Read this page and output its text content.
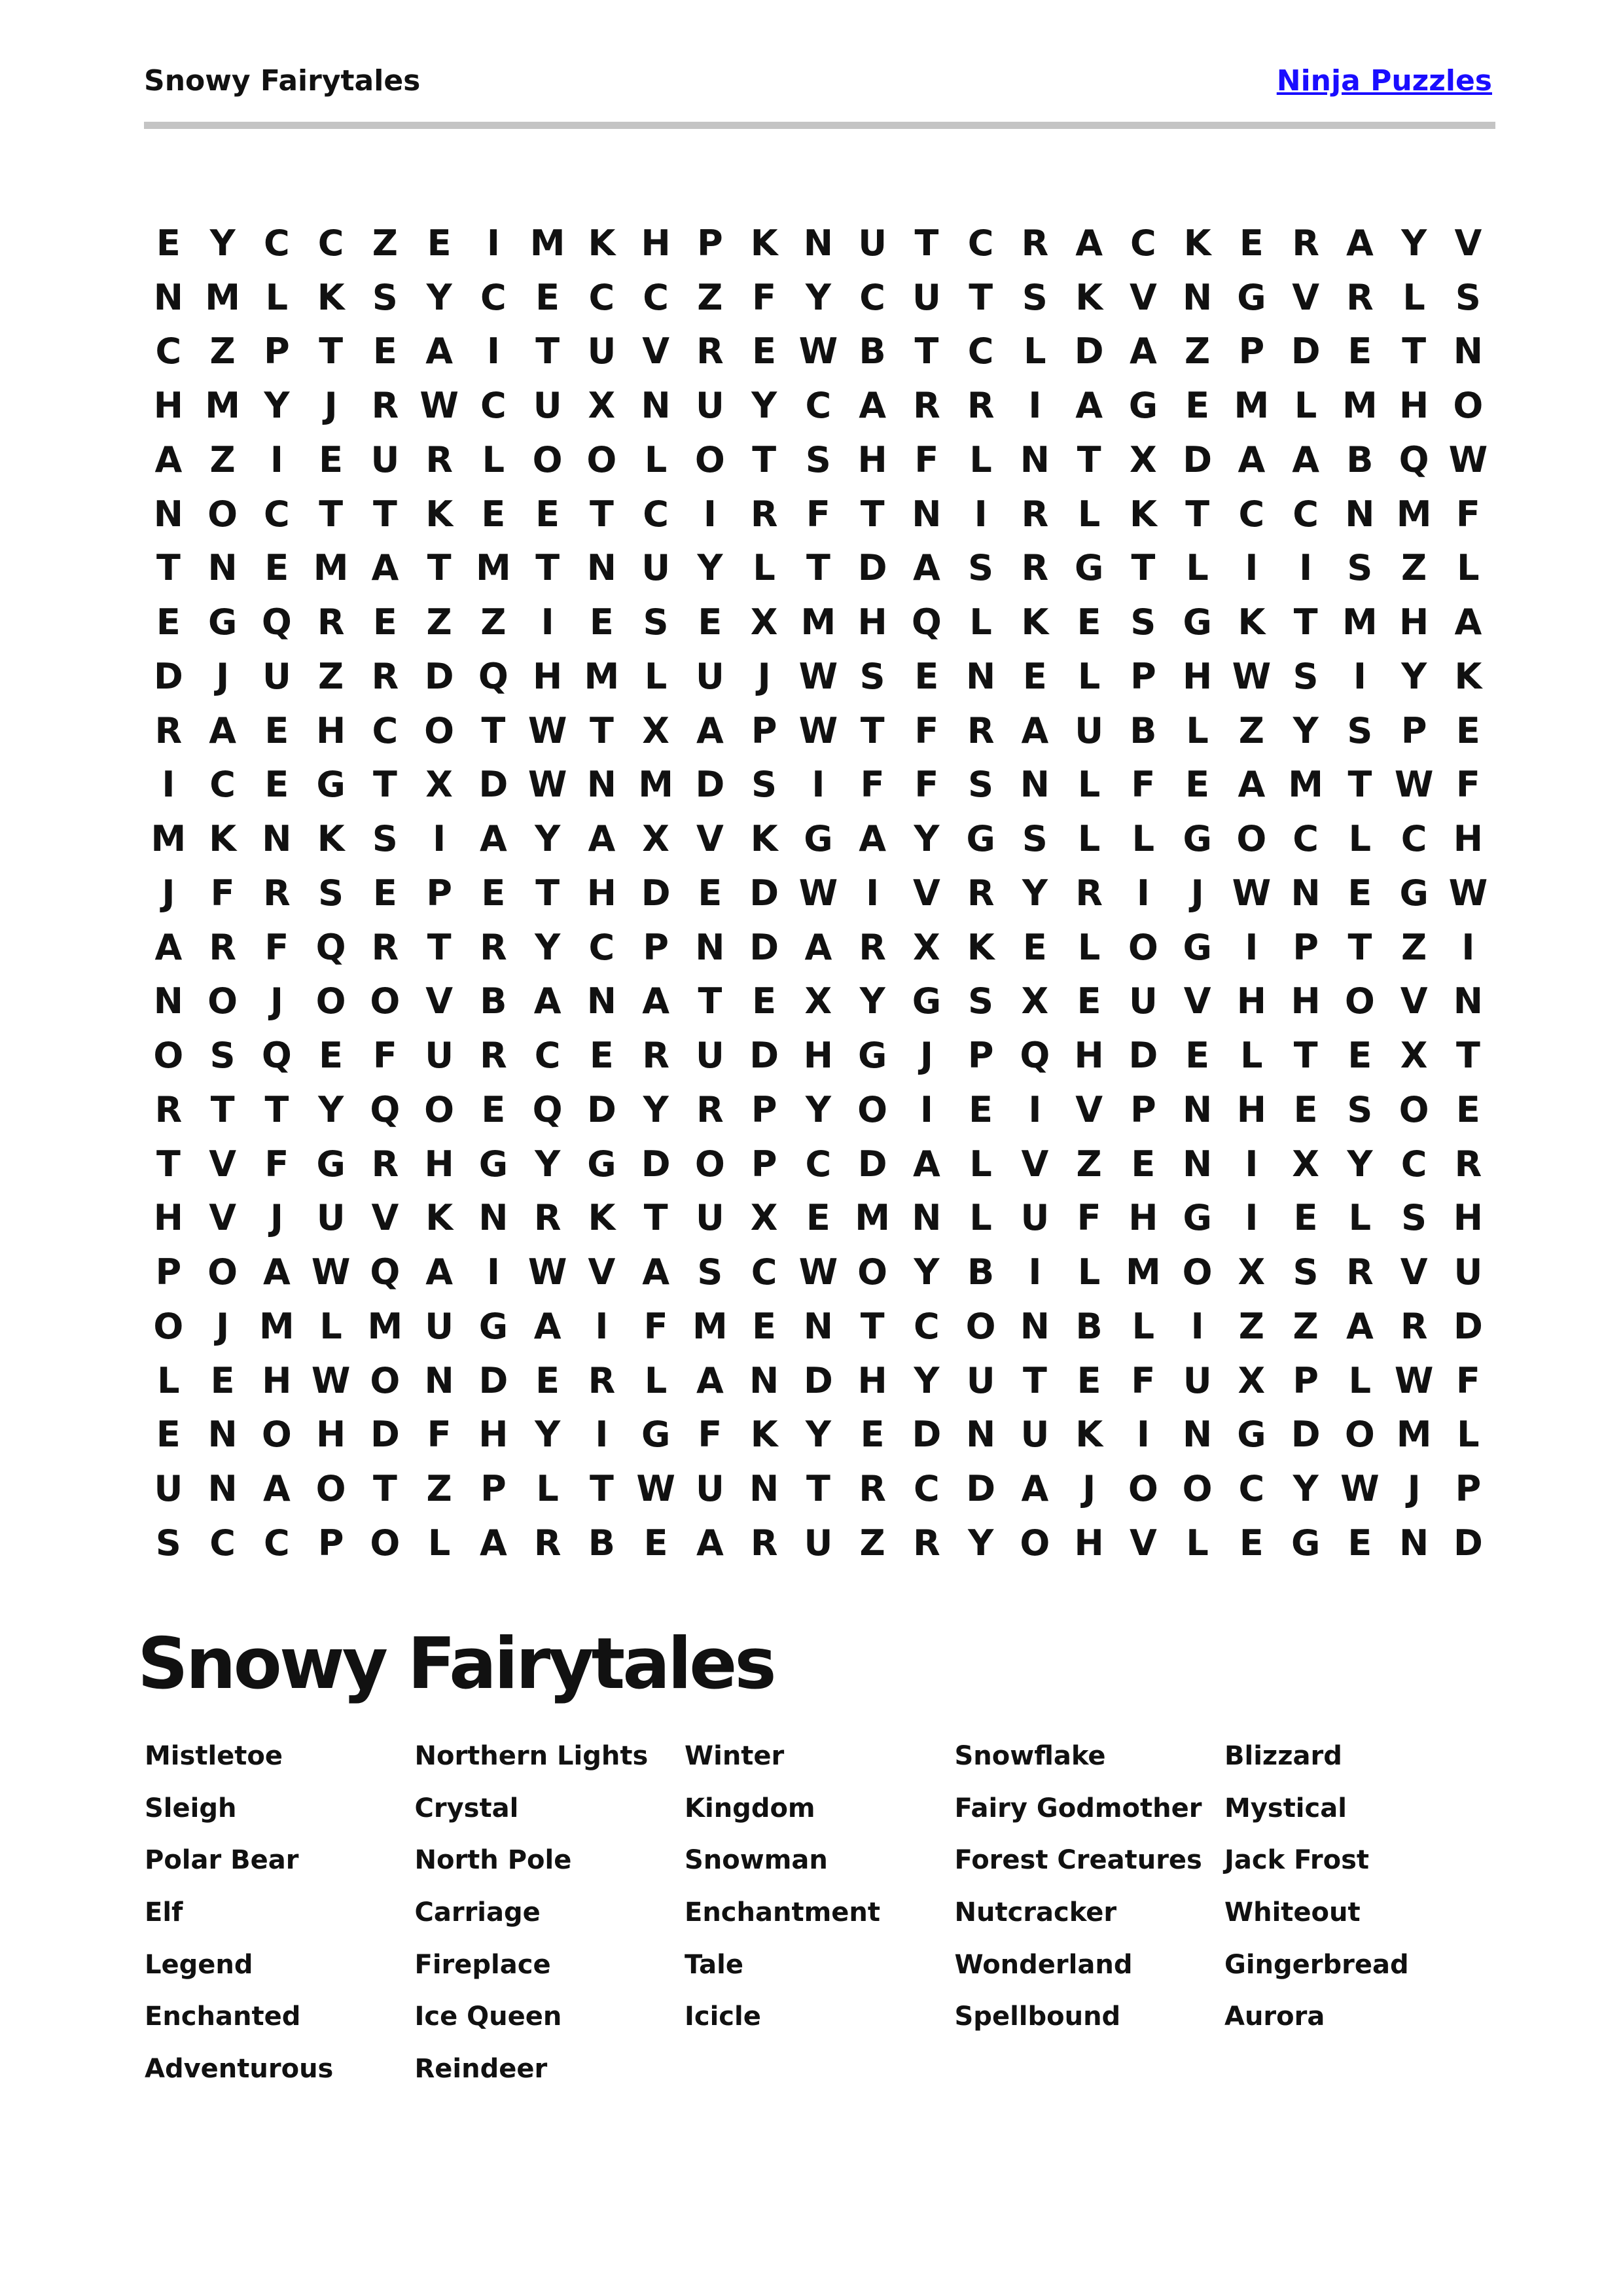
Snowy Fairytales	Ninja Puzzles
E Y C C Z E	I M K H P K N U T C R A C K E R A Y V
N M L K S Y C E C C Z F Y C U T S K V N G V R L S
C Z P T E A I	T U V R E W B T C L D A Z P D E T N
H M Y J R W C U X N U Y C A R R I A G E M L M H O
A Z I	E U R L O O L O T S H F L N T X D A A B Q W
N O C T T K E E T C I R F T N I R L K T C C N M F
T N E M A T M T N U Y L T D A S R G T L	I	I S Z L
E G Q R E Z Z I	E S E X M H Q L K E S G K T M H A
D J U Z R D Q H M L U J W S E N E L P H W S I Y K
R A E H C O T W T X A P W T F R A U B L Z Y S P E
I C E G T X D W N M D S I	F F S N L F E A M T W F
M K N K S I A Y A X V K G A Y G S L L G O C L C H
J	F R S E P E T H D E D W I V R Y R I	J W N E G W
A R F Q R T R Y C P N D A R X K E L O G I P T Z I
N O J O O V B A N A T E X Y G S X E U V H H O V N
O S Q E F U R C E R U D H G J P Q H D E L T E X T
R T T Y Q O E Q D Y R P Y O I	E	I V P N H E S O E
T V F G R H G Y G D O P C D A L V Z E N I X Y C R
H V J U V K N R K T U X E M N L U F H G I	E L S H
P O A W Q A I W V A S C W O Y B I	L M O X S R V U
O J M L M U G A I	F M E N T C O N B L	I Z Z A R D
L E H W O N D E R L A N D H Y U T E F U X P L W F
E N O H D F H Y I G F K Y E D N U K I N G D O M L
U N A O T Z P L T W U N T R C D A J O O C Y W J P
S C C P O L A R B E A R U Z R Y O H V L E G E N D
Snowy Fairytales
Mistletoe
Sleigh
Polar Bear
Elf
Legend
Enchanted
Adventurous
Northern Lights
Crystal
North Pole
Carriage
Fireplace
Ice Queen
Reindeer
Winter
Kingdom
Snowman
Enchantment
Tale
Icicle
Snowflake
Fairy Godmother
Forest Creatures
Nutcracker
Wonderland
Spellbound
Blizzard
Mystical
Jack Frost
Whiteout
Gingerbread
Aurora
